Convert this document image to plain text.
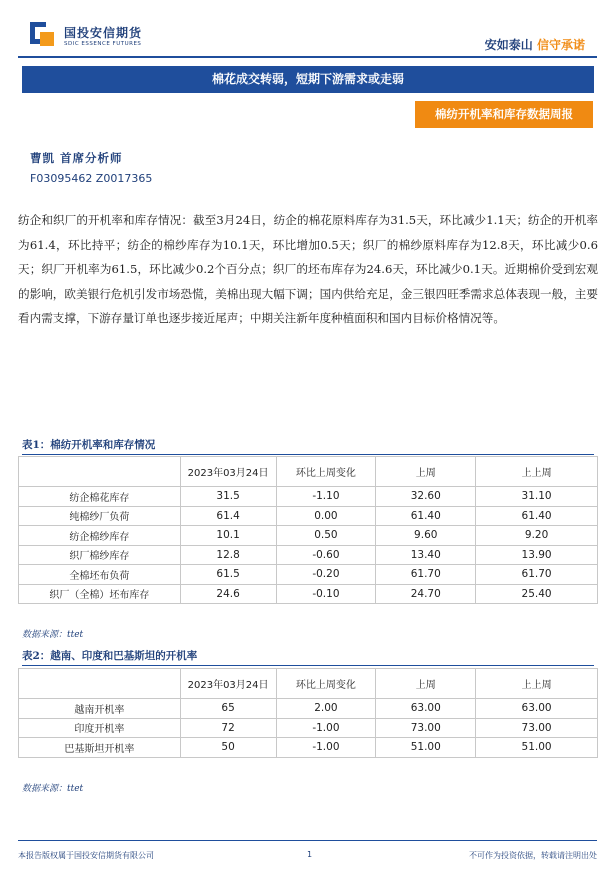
国投安信期货
SDIC ESSENCE FUTURES	安如泰山 信守承诺
棉花成交转弱，短期下游需求或走弱
棉纺开机率和库存数据周报
曹凯 首席分析师
F03095462 Z0017365
纺企和织厂的开机率和库存情况：截至3月24日，纺企的棉花原料库存为31.5天，环比减少1.1天；纺企的开机率为61.4，环比持平；纺企的棉纱库存为10.1天，环比增加0.5天；织厂的棉纱原料库存为12.8天，环比减少0.6天；织厂开机率为61.5，环比减少0.2个百分点；织厂的坯布库存为24.6天，环比减少0.1天。近期棉价受到宏观的影响，欧美银行危机引发市场恐慌，美棉出现大幅下调；国内供给充足，金三银四旺季需求总体表现一般，主要看内需支撑，下游存量订单也逐步接近尾声；中期关注新年度种植面积和国内目标价格情况等。
表1：棉纺开机率和库存情况
	2023年03月24日	环比上周变化	上周	上上周
纺企棉花库存	31.5	-1.10	32.60	31.10
纯棉纱厂负荷	61.4	0.00	61.40	61.40
纺企棉纱库存	10.1	0.50	9.60	9.20
织厂棉纱库存	12.8	-0.60	13.40	13.90
全棉坯布负荷	61.5	-0.20	61.70	61.70
织厂（全棉）坯布库存	24.6	-0.10	24.70	25.40
数据来源：ttet
表2：越南、印度和巴基斯坦的开机率
	2023年03月24日	环比上周变化	上周	上上周
越南开机率	65	2.00	63.00	63.00
印度开机率	72	-1.00	73.00	73.00
巴基斯坦开机率	50	-1.00	51.00	51.00
数据来源：ttet
本报告版权属于国投安信期货有限公司	1	不可作为投资依据，转载请注明出处
